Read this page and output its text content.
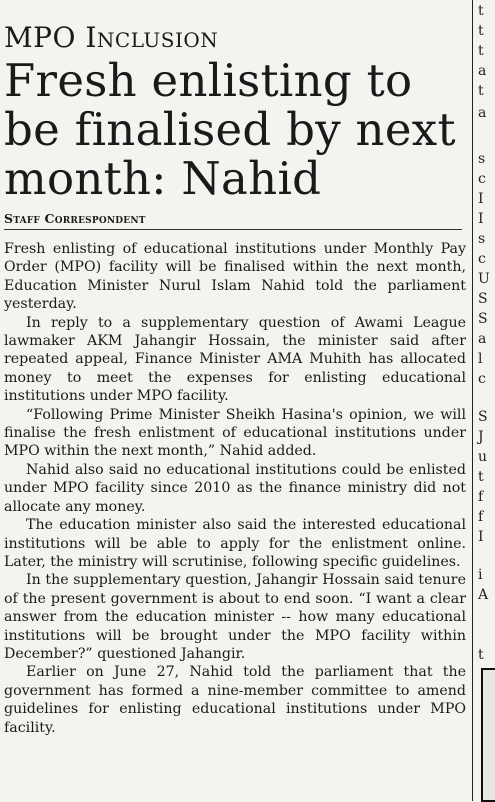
MPO Inclusion
Fresh enlisting to be finalised by next month: Nahid
Staff Correspondent

Fresh enlisting of educational institutions under Monthly Pay Order (MPO) facility will be finalised within the next month, Education Minister Nurul Islam Nahid told the parliament yesterday.

In reply to a supplementary question of Awami League lawmaker AKM Jahangir Hossain, the minister said after repeated appeal, Finance Minister AMA Muhith has allocated money to meet the expenses for enlisting educational institutions under MPO facility.

“Following Prime Minister Sheikh Hasina's opinion, we will finalise the fresh enlistment of educational institutions under MPO within the next month,” Nahid added.

Nahid also said no educational institutions could be enlisted under MPO facility since 2010 as the finance ministry did not allocate any money.

The education minister also said the interested educational institutions will be able to apply for the enlistment online. Later, the ministry will scrutinise, following specific guidelines.

In the supplementary question, Jahangir Hossain said tenure of the present government is about to end soon. “I want a clear answer from the education minister -- how many educational institutions will be brought under the MPO facility within December?” questioned Jahangir.

Earlier on June 27, Nahid told the parliament that the government has formed a nine-member committee to amend guidelines for enlisting educational institutions under MPO facility.

t
t
t
a
t
a
s
c
I
I
s
c
U
S
S
a
l
c
S
J
u
t
f
f
I
i
A
t
